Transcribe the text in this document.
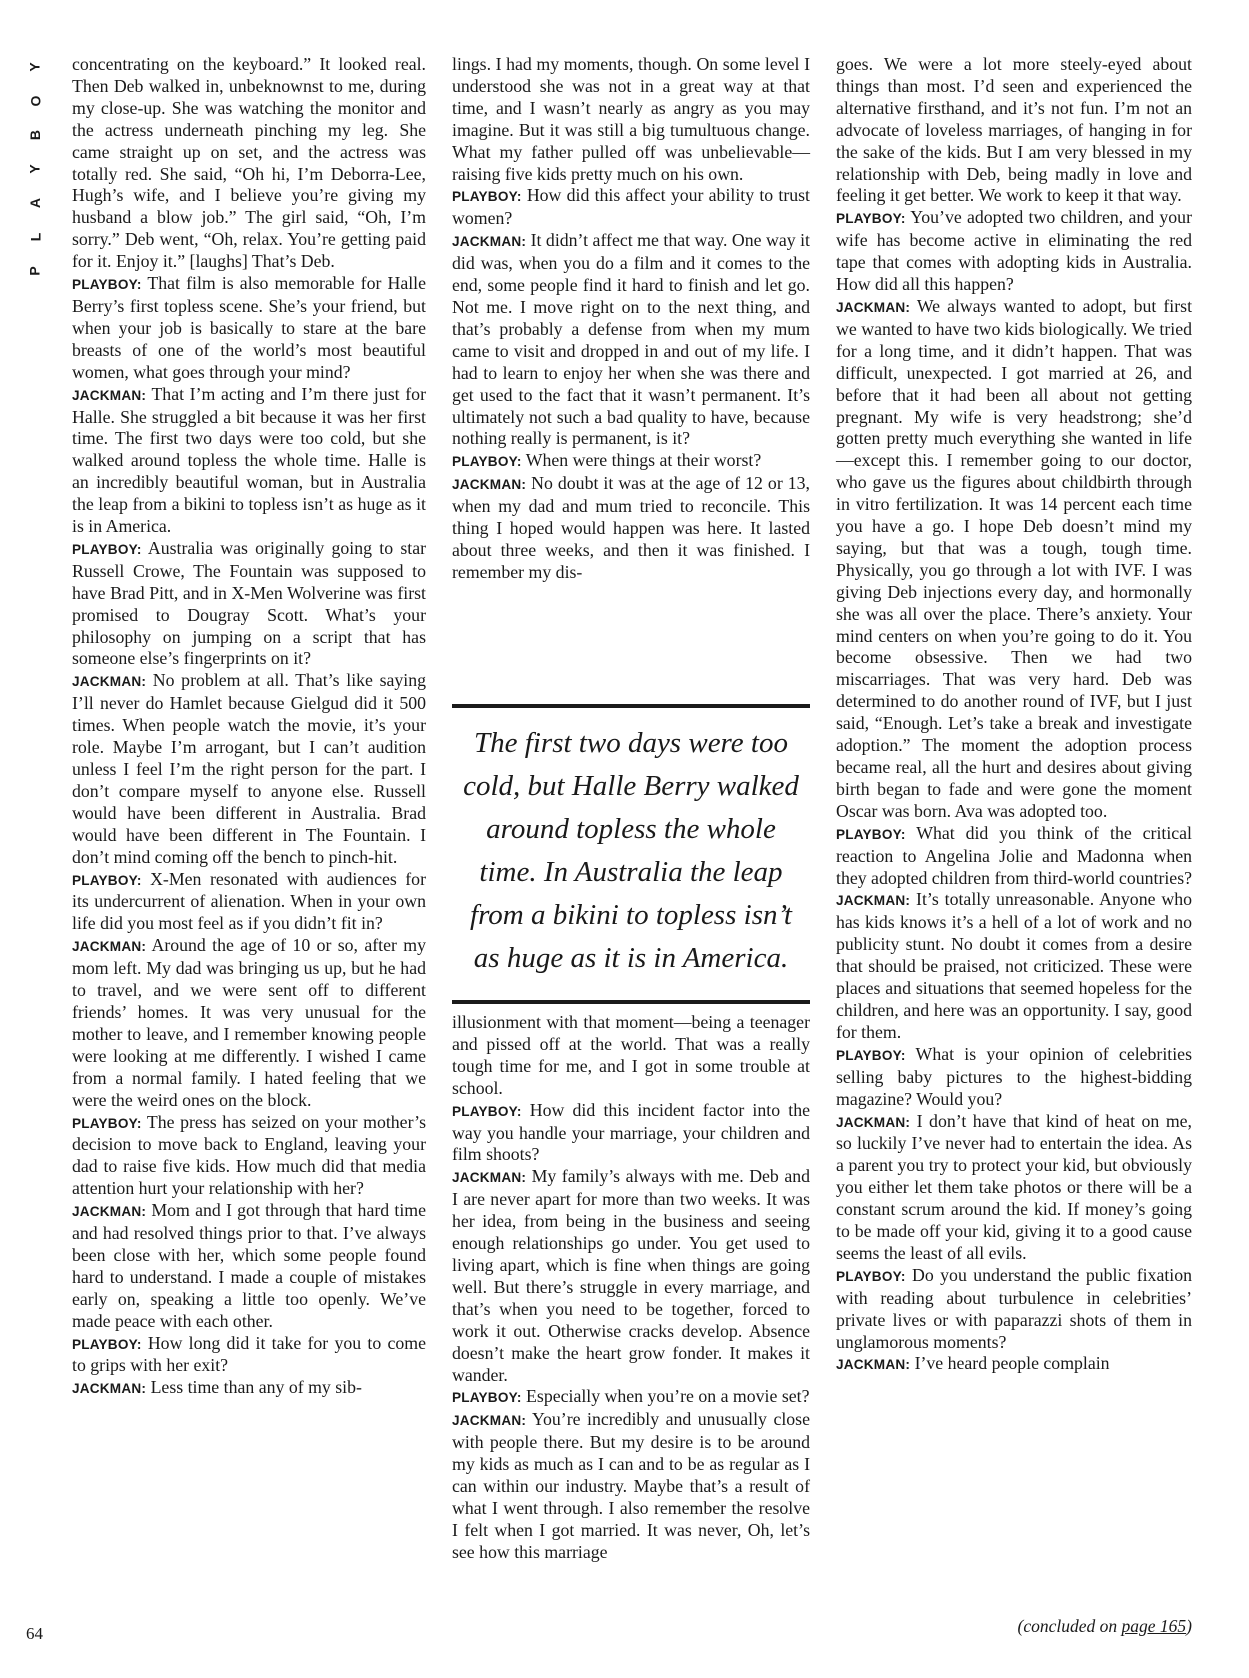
Y
O
B
Y
A
L
P

concentrating on the keyboard.” It looked real. Then Deb walked in, unbeknownst to me, during my close-up. She was watching the monitor and the actress underneath pinching my leg. She came straight up on set, and the actress was totally red. She said, “Oh hi, I’m Deborra-Lee, Hugh’s wife, and I believe you’re giving my husband a blow job.” The girl said, “Oh, I’m sorry.” Deb went, “Oh, relax. You’re getting paid for it. Enjoy it.” [laughs] That’s Deb.

PLAYBOY: That film is also memorable for Halle Berry’s first topless scene. She’s your friend, but when your job is basically to stare at the bare breasts of one of the world’s most beautiful women, what goes through your mind?

JACKMAN: That I’m acting and I’m there just for Halle. She struggled a bit because it was her first time. The first two days were too cold, but she walked around topless the whole time. Halle is an incredibly beautiful woman, but in Australia the leap from a bikini to topless isn’t as huge as it is in America.

PLAYBOY: Australia was originally going to star Russell Crowe, The Fountain was supposed to have Brad Pitt, and in X-Men Wolverine was first promised to Dougray Scott. What’s your philosophy on jumping on a script that has someone else’s fingerprints on it?

JACKMAN: No problem at all. That’s like saying I’ll never do Hamlet because Gielgud did it 500 times. When people watch the movie, it’s your role. Maybe I’m arrogant, but I can’t audition unless I feel I’m the right person for the part. I don’t compare myself to anyone else. Russell would have been different in Australia. Brad would have been different in The Fountain. I don’t mind coming off the bench to pinch-hit.

PLAYBOY: X-Men resonated with audiences for its undercurrent of alienation. When in your own life did you most feel as if you didn’t fit in?

JACKMAN: Around the age of 10 or so, after my mom left. My dad was bringing us up, but he had to travel, and we were sent off to different friends’ homes. It was very unusual for the mother to leave, and I remember knowing people were looking at me differently. I wished I came from a normal family. I hated feeling that we were the weird ones on the block.

PLAYBOY: The press has seized on your mother’s decision to move back to England, leaving your dad to raise five kids. How much did that media attention hurt your relationship with her?

JACKMAN: Mom and I got through that hard time and had resolved things prior to that. I’ve always been close with her, which some people found hard to understand. I made a couple of mistakes early on, speaking a little too openly. We’ve made peace with each other.

PLAYBOY: How long did it take for you to come to grips with her exit?

JACKMAN: Less time than any of my sib-

lings. I had my moments, though. On some level I understood she was not in a great way at that time, and I wasn’t nearly as angry as you may imagine. But it was still a big tumultuous change. What my father pulled off was unbelievable—raising five kids pretty much on his own.

PLAYBOY: How did this affect your ability to trust women?

JACKMAN: It didn’t affect me that way. One way it did was, when you do a film and it comes to the end, some people find it hard to finish and let go. Not me. I move right on to the next thing, and that’s probably a defense from when my mum came to visit and dropped in and out of my life. I had to learn to enjoy her when she was there and get used to the fact that it wasn’t permanent. It’s ultimately not such a bad quality to have, because nothing really is permanent, is it?

PLAYBOY: When were things at their worst?

JACKMAN: No doubt it was at the age of 12 or 13, when my dad and mum tried to reconcile. This thing I hoped would happen was here. It lasted about three weeks, and then it was finished. I remember my dis-

The first two days were too cold, but Halle Berry walked around topless the whole time. In Australia the leap from a bikini to topless isn’t as huge as it is in America.

illusionment with that moment—being a teenager and pissed off at the world. That was a really tough time for me, and I got in some trouble at school.

PLAYBOY: How did this incident factor into the way you handle your marriage, your children and film shoots?

JACKMAN: My family’s always with me. Deb and I are never apart for more than two weeks. It was her idea, from being in the business and seeing enough relationships go under. You get used to living apart, which is fine when things are going well. But there’s struggle in every marriage, and that’s when you need to be together, forced to work it out. Otherwise cracks develop. Absence doesn’t make the heart grow fonder. It makes it wander.

PLAYBOY: Especially when you’re on a movie set?

JACKMAN: You’re incredibly and unusually close with people there. But my desire is to be around my kids as much as I can and to be as regular as I can within our industry. Maybe that’s a result of what I went through. I also remember the resolve I felt when I got married. It was never, Oh, let’s see how this marriage

goes. We were a lot more steely-eyed about things than most. I’d seen and experienced the alternative firsthand, and it’s not fun. I’m not an advocate of loveless marriages, of hanging in for the sake of the kids. But I am very blessed in my relationship with Deb, being madly in love and feeling it get better. We work to keep it that way.

PLAYBOY: You’ve adopted two children, and your wife has become active in eliminating the red tape that comes with adopting kids in Australia. How did all this happen?

JACKMAN: We always wanted to adopt, but first we wanted to have two kids biologically. We tried for a long time, and it didn’t happen. That was difficult, unexpected. I got married at 26, and before that it had been all about not getting pregnant. My wife is very headstrong; she’d gotten pretty much everything she wanted in life—except this. I remember going to our doctor, who gave us the figures about childbirth through in vitro fertilization. It was 14 percent each time you have a go. I hope Deb doesn’t mind my saying, but that was a tough, tough time. Physically, you go through a lot with IVF. I was giving Deb injections every day, and hormonally she was all over the place. There’s anxiety. Your mind centers on when you’re going to do it. You become obsessive. Then we had two miscarriages. That was very hard. Deb was determined to do another round of IVF, but I just said, “Enough. Let’s take a break and investigate adoption.” The moment the adoption process became real, all the hurt and desires about giving birth began to fade and were gone the moment Oscar was born. Ava was adopted too.

PLAYBOY: What did you think of the critical reaction to Angelina Jolie and Madonna when they adopted children from third-world countries?

JACKMAN: It’s totally unreasonable. Anyone who has kids knows it’s a hell of a lot of work and no publicity stunt. No doubt it comes from a desire that should be praised, not criticized. These were places and situations that seemed hopeless for the children, and here was an opportunity. I say, good for them.

PLAYBOY: What is your opinion of celebrities selling baby pictures to the highest-bidding magazine? Would you?

JACKMAN: I don’t have that kind of heat on me, so luckily I’ve never had to entertain the idea. As a parent you try to protect your kid, but obviously you either let them take photos or there will be a constant scrum around the kid. If money’s going to be made off your kid, giving it to a good cause seems the least of all evils.

PLAYBOY: Do you understand the public fixation with reading about turbulence in celebrities’ private lives or with paparazzi shots of them in unglamorous moments?

JACKMAN: I’ve heard people complain

64	(concluded on page 165)
